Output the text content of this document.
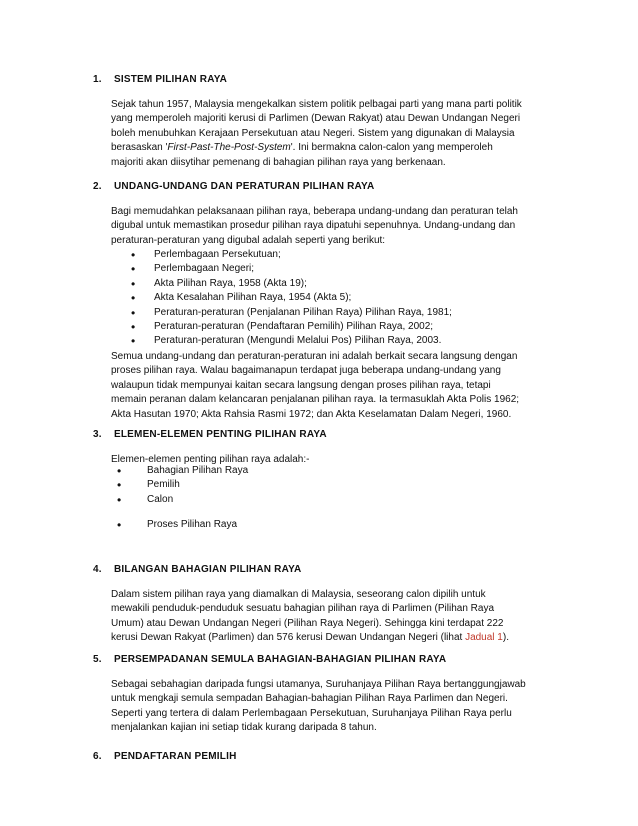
1. SISTEM PILIHAN RAYA
Sejak tahun 1957, Malaysia mengekalkan sistem politik pelbagai parti yang mana parti politik
yang memperoleh majoriti kerusi di Parlimen (Dewan Rakyat) atau Dewan Undangan Negeri
boleh menubuhkan Kerajaan Persekutuan atau Negeri. Sistem yang digunakan di Malaysia
berasaskan 'First-Past-The-Post-System'. Ini bermakna calon-calon yang memperoleh
majoriti akan diisytihar pemenang di bahagian pilihan raya yang berkenaan.
2. UNDANG-UNDANG DAN PERATURAN PILIHAN RAYA
Bagi memudahkan pelaksanaan pilihan raya, beberapa undang-undang dan peraturan telah
digubal untuk memastikan prosedur pilihan raya dipatuhi sepenuhnya. Undang-undang dan
peraturan-peraturan yang digubal adalah seperti yang berikut:
• Perlembagaan Persekutuan;
• Perlembagaan Negeri;
• Akta Pilihan Raya, 1958 (Akta 19);
• Akta Kesalahan Pilihan Raya, 1954 (Akta 5);
• Peraturan-peraturan (Penjalanan Pilihan Raya) Pilihan Raya, 1981;
• Peraturan-peraturan (Pendaftaran Pemilih) Pilihan Raya, 2002;
• Peraturan-peraturan (Mengundi Melalui Pos) Pilihan Raya, 2003.
Semua undang-undang dan peraturan-peraturan ini adalah berkait secara langsung dengan
proses pilihan raya. Walau bagaimanapun terdapat juga beberapa undang-undang yang
walaupun tidak mempunyai kaitan secara langsung dengan proses pilihan raya, tetapi
memain peranan dalam kelancaran penjalanan pilihan raya. Ia termasuklah Akta Polis 1962;
Akta Hasutan 1970; Akta Rahsia Rasmi 1972; dan Akta Keselamatan Dalam Negeri, 1960.
3. ELEMEN-ELEMEN PENTING PILIHAN RAYA
Elemen-elemen penting pilihan raya adalah:-
•	Bahagian Pilihan Raya
•	Pemilih
•	Calon
•	Proses Pilihan Raya
4. BILANGAN BAHAGIAN PILIHAN RAYA
Dalam sistem pilihan raya yang diamalkan di Malaysia, seseorang calon dipilih untuk
mewakili penduduk-penduduk sesuatu bahagian pilihan raya di Parlimen (Pilihan Raya
Umum) atau Dewan Undangan Negeri (Pilihan Raya Negeri). Sehingga kini terdapat 222
kerusi Dewan Rakyat (Parlimen) dan 576 kerusi Dewan Undangan Negeri (lihat Jadual 1).
5. PERSEMPADANAN SEMULA BAHAGIAN-BAHAGIAN PILIHAN RAYA
Sebagai sebahagian daripada fungsi utamanya, Suruhanjaya Pilihan Raya bertanggungjawab
untuk mengkaji semula sempadan Bahagian-bahagian Pilihan Raya Parlimen dan Negeri.
Seperti yang tertera di dalam Perlembagaan Persekutuan, Suruhanjaya Pilihan Raya perlu
menjalankan kajian ini setiap tidak kurang daripada 8 tahun.
6. PENDAFTARAN PEMILIH
